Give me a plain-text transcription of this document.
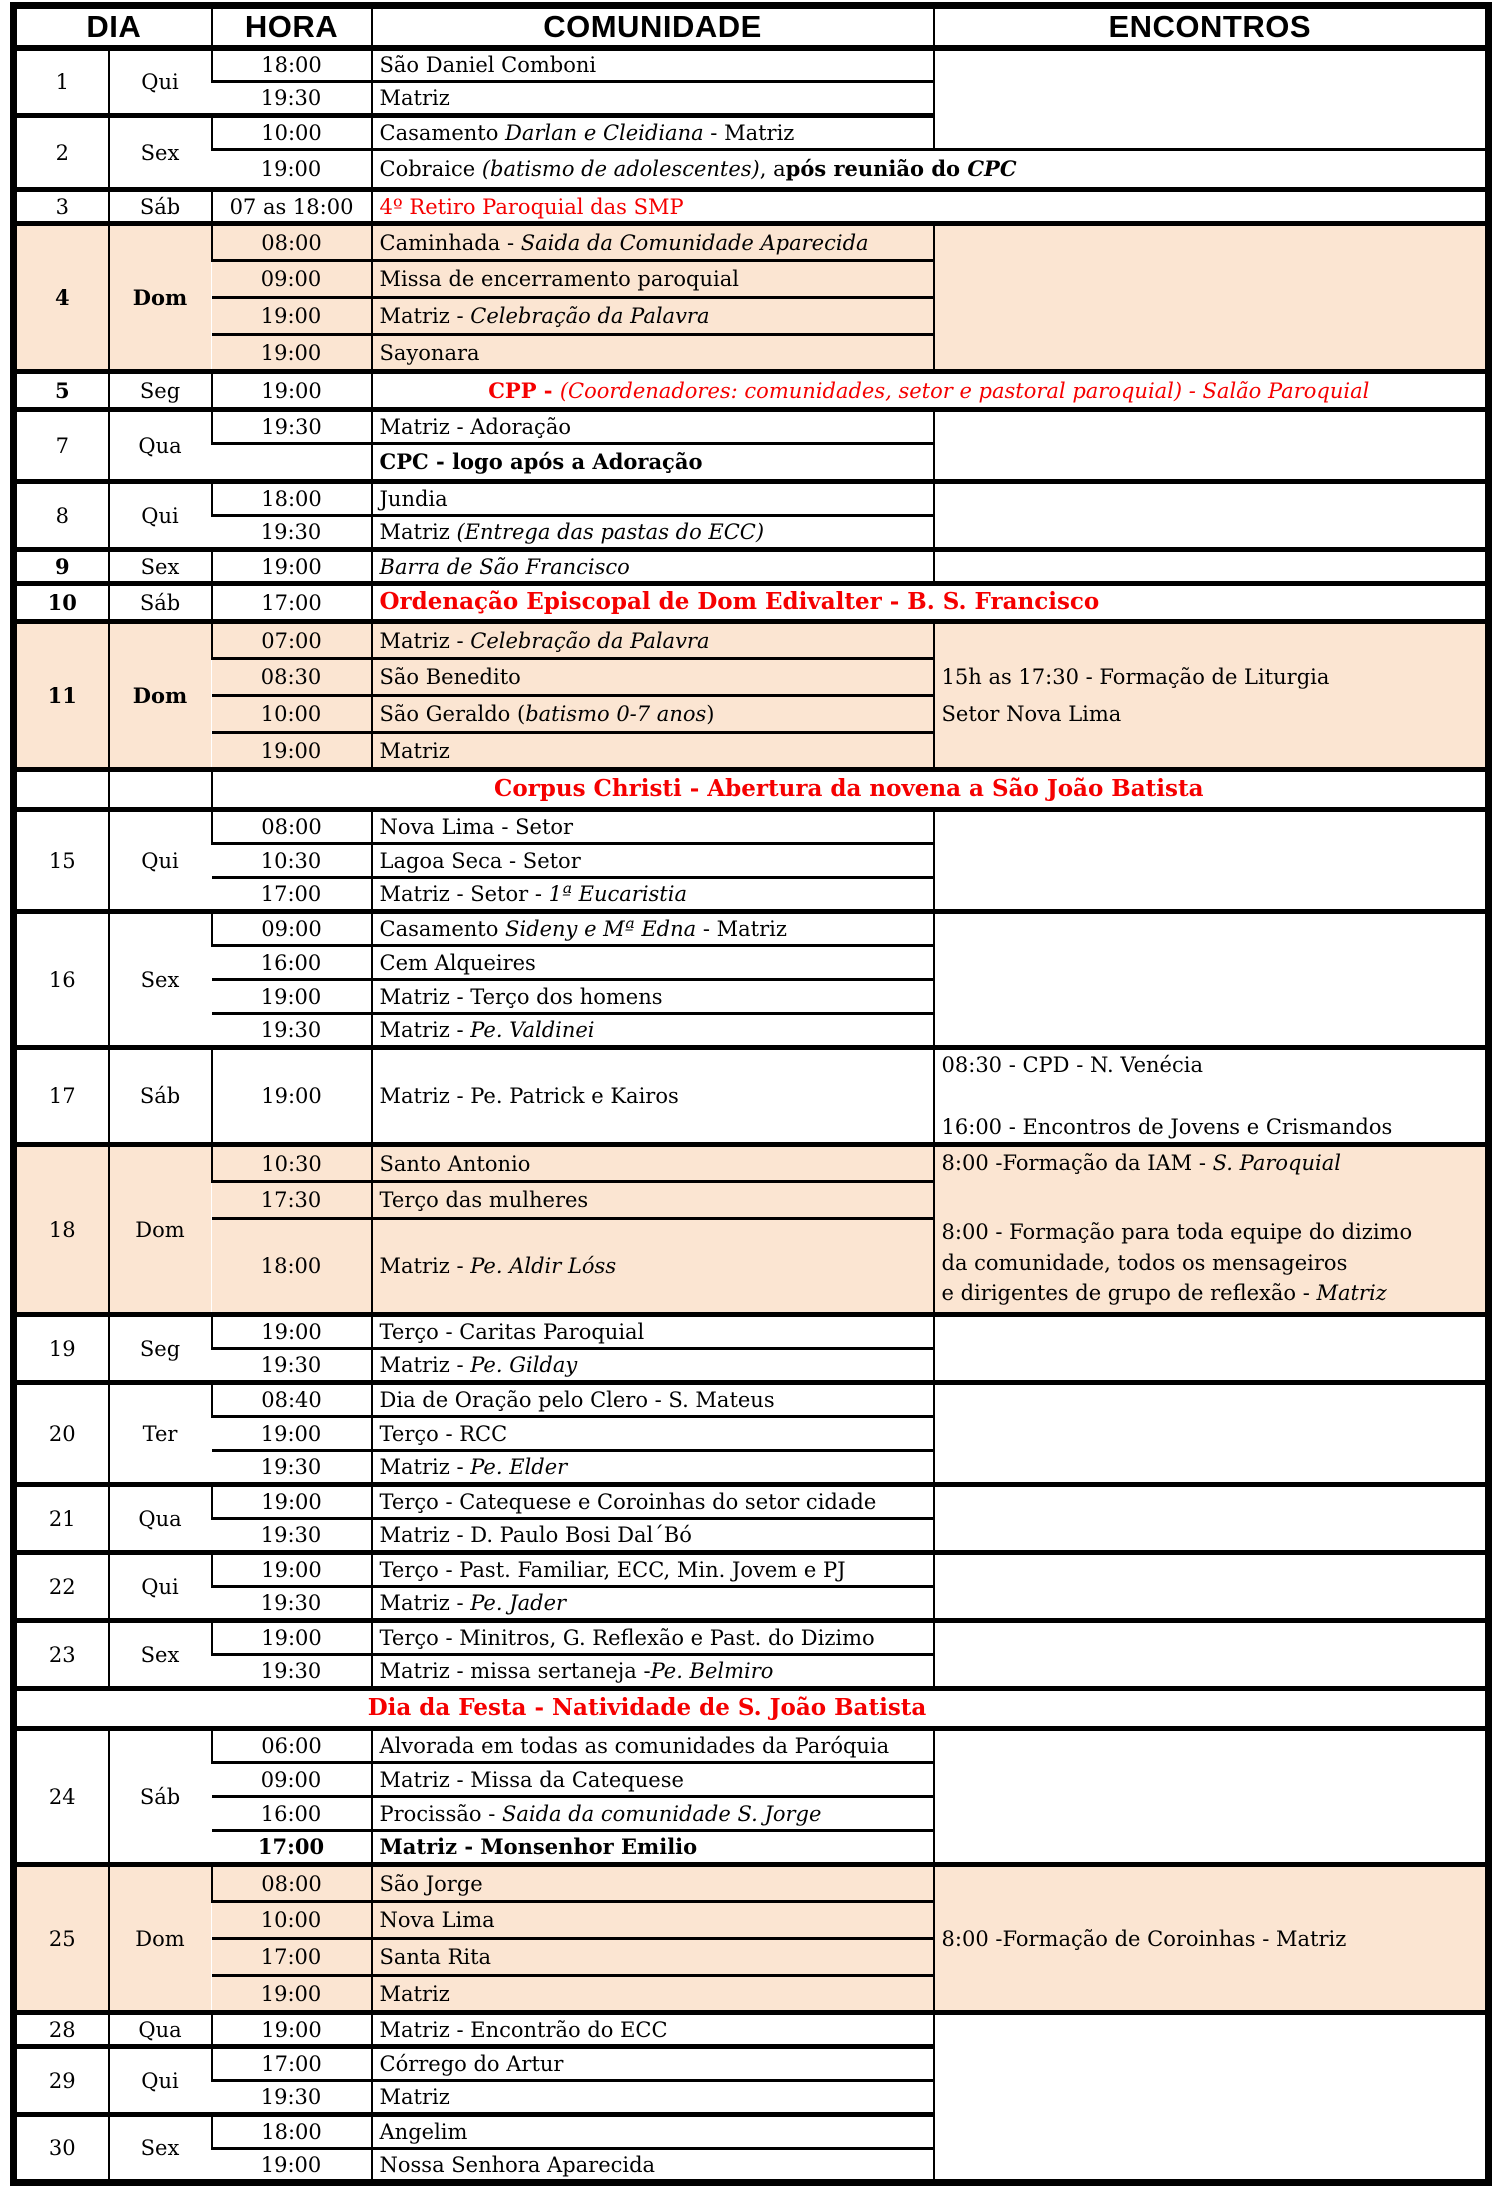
DIA		HORA	COMUNIDADE	ENCONTROS
1	Qui	18:00	São Daniel Comboni	
		19:30	Matriz	
2	Sex	10:00	Casamento Darlan e Cleidiana - Matriz	
		19:00	Cobraice (batismo de adolescentes), após reunião do CPC	
3	Sáb	07 as 18:00	4º Retiro Paroquial das SMP	
4	Dom	08:00	Caminhada - Saida da Comunidade Aparecida	
		09:00	Missa de encerramento paroquial	
		19:00	Matriz - Celebração da Palavra	
		19:00	Sayonara	
5	Seg	19:00	CPP - (Coordenadores: comunidades, setor e pastoral paroquial) - Salão Paroquial	
7	Qua	19:30	Matriz - Adoração	
			CPC - logo após a Adoração	
8	Qui	18:00	Jundia	
		19:30	Matriz (Entrega das pastas do ECC)	
9	Sex	19:00	Barra de São Francisco	
10	Sáb	17:00	Ordenação Episcopal de Dom Edivalter - B. S. Francisco	
11	Dom	07:00	Matriz - Celebração da Palavra	15h as 17:30 - Formação de Liturgia
Setor Nova Lima

		08:30	São Benedito	
		10:00	São Geraldo (batismo 0-7 anos)	
		19:00	Matriz	
		Corpus Christi - Abertura da novena a São João Batista		
15	Qui	08:00	Nova Lima - Setor	
		10:30	Lagoa Seca - Setor	
		17:00	Matriz - Setor - 1ª Eucaristia	
16	Sex	09:00	Casamento Sideny e Mª Edna - Matriz	
		16:00	Cem Alqueires	
		19:00	Matriz - Terço dos homens	
		19:30	Matriz - Pe. Valdinei	
17	Sáb	19:00	Matriz - Pe. Patrick e Kairos	08:30 - CPD - N. Venécia
16:00 - Encontros de Jovens e Crismandos

18	Dom	10:30	Santo Antonio	8:00 -Formação da IAM - S. Paroquial
8:00 - Formação para toda equipe do dizimo
da comunidade, todos os mensageiros
e dirigentes de grupo de reflexão - Matriz

		17:30	Terço das mulheres	
		18:00	Matriz - Pe. Aldir Lóss	
19	Seg	19:00	Terço - Caritas Paroquial	
		19:30	Matriz - Pe. Gilday	
20	Ter	08:40	Dia de Oração pelo Clero - S. Mateus	
		19:00	Terço - RCC	
		19:30	Matriz - Pe. Elder	
21	Qua	19:00	Terço - Catequese e Coroinhas do setor cidade	
		19:30	Matriz - D. Paulo Bosi Dal´Bó	
22	Qui	19:00	Terço - Past. Familiar, ECC, Min. Jovem e PJ	
		19:30	Matriz - Pe. Jader	
23	Sex	19:00	Terço - Minitros, G. Reflexão e Past. do Dizimo	
		19:30	Matriz - missa sertaneja -Pe. Belmiro	
Dia da Festa - Natividade de S. João Batista				
24	Sáb	06:00	Alvorada em todas as comunidades da Paróquia	
		09:00	Matriz - Missa da Catequese	
		16:00	Procissão - Saida da comunidade S. Jorge	
		17:00	Matriz - Monsenhor Emilio	
25	Dom	08:00	São Jorge	8:00 -Formação de Coroinhas - Matriz
		10:00	Nova Lima	
		17:00	Santa Rita	
		19:00	Matriz	
28	Qua	19:00	Matriz - Encontrão do ECC	
29	Qui	17:00	Córrego do Artur	
		19:30	Matriz	
30	Sex	18:00	Angelim	
		19:00	Nossa Senhora Aparecida	
